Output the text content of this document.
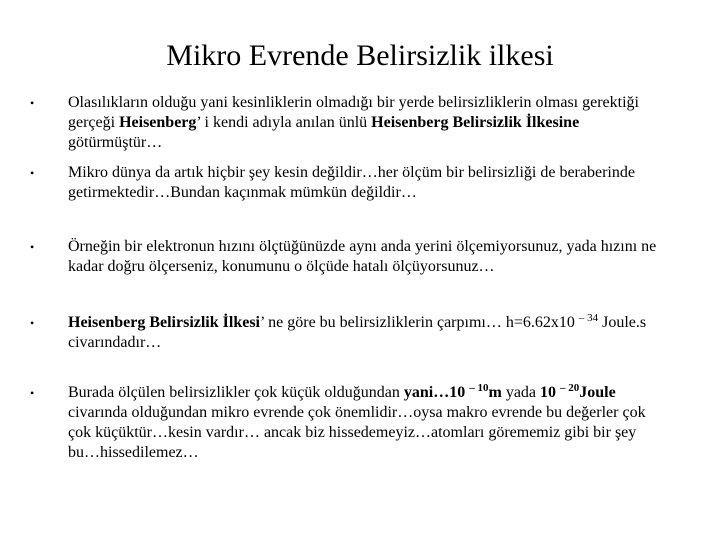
Mikro Evrende Belirsizlik ilkesi
•	Olasılıkların olduğu yani kesinliklerin olmadığı bir yerde belirsizliklerin olması gerektiği gerçeği Heisenberg’ i kendi adıyla anılan ünlü Heisenberg Belirsizlik İlkesine götürmüştür…
•	Mikro dünya da artık hiçbir şey kesin değildir…her ölçüm bir belirsizliği de beraberinde getirmektedir…Bundan kaçınmak mümkün değildir…
•	Örneğin bir elektronun hızını ölçtüğünüzde aynı anda yerini ölçemiyorsunuz, yada hızını ne kadar doğru ölçerseniz, konumunu o ölçüde hatalı ölçüyorsunuz…
•	Heisenberg Belirsizlik İlkesi’ ne göre bu belirsizliklerin çarpımı… h=6.62x10 $^{- 34}$ Joule.s civarındadır…
•	Burada ölçülen belirsizlikler çok küçük olduğundan yani…10 $^{- 10}$m yada 10 $^{- 20}$Joule civarında olduğundan mikro evrende çok önemlidir…oysa makro evrende bu değerler çok çok küçüktür…kesin vardır… ancak biz hissedemeyiz…atomları görememiz gibi bir şey bu…hissedilemez…
